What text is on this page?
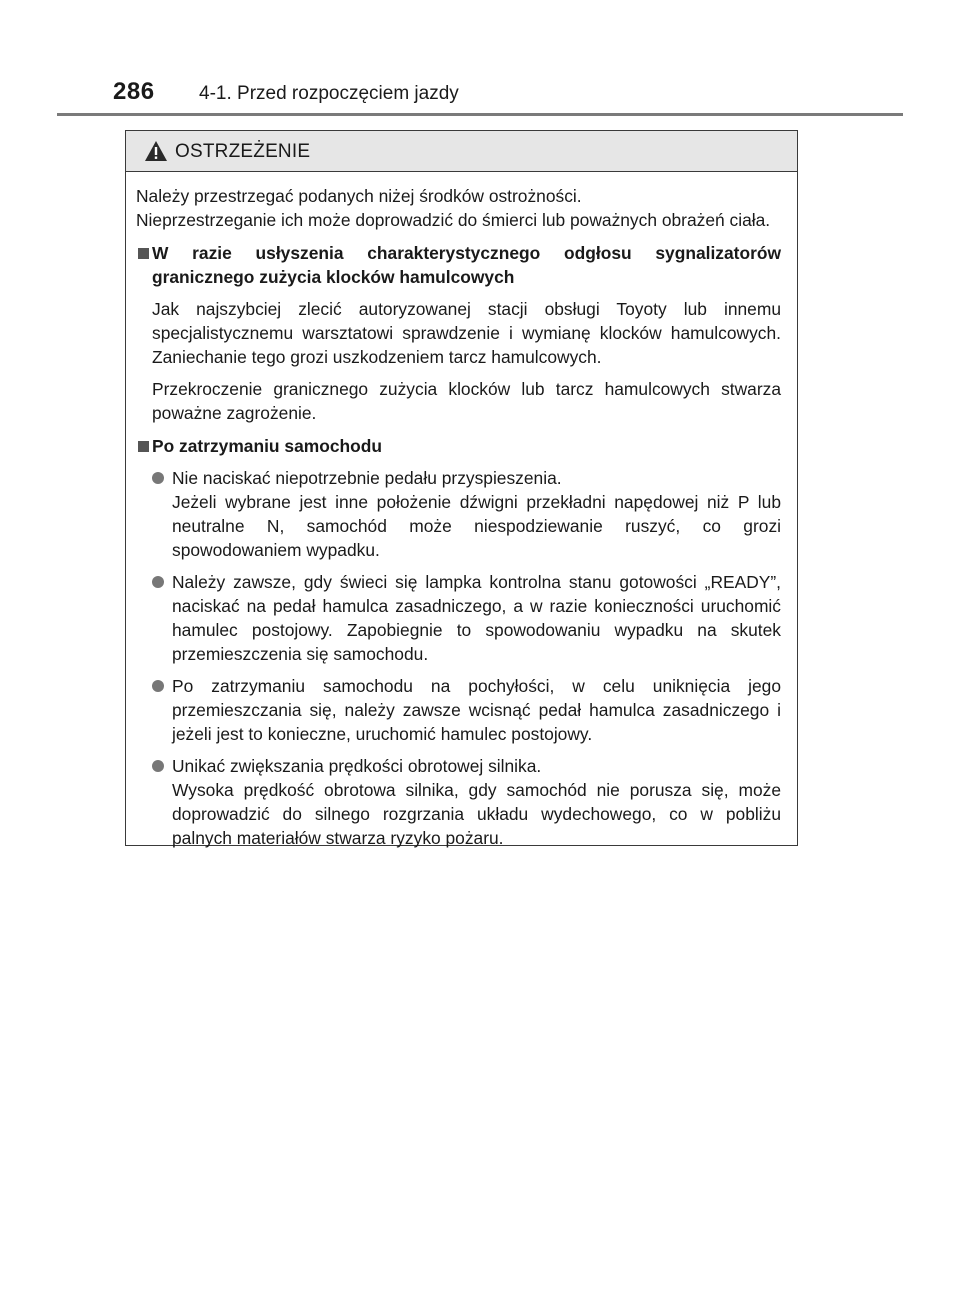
286 4-1. Przed rozpoczęciem jazdy
OSTRZEŻENIE

Należy przestrzegać podanych niżej środków ostrożności.

Nieprzestrzeganie ich może doprowadzić do śmierci lub poważnych obrażeń ciała.

W razie usłyszenia charakterystycznego odgłosu sygnalizatorów granicznego zużycia klocków hamulcowych

Jak najszybciej zlecić autoryzowanej stacji obsługi Toyoty lub innemu specjalistycznemu warsztatowi sprawdzenie i wymianę klocków hamulcowych. Zaniechanie tego grozi uszkodzeniem tarcz hamulcowych.

Przekroczenie granicznego zużycia klocków lub tarcz hamulcowych stwarza poważne zagrożenie.

Po zatrzymaniu samochodu

Nie naciskać niepotrzebnie pedału przyspieszenia.

Jeżeli wybrane jest inne położenie dźwigni przekładni napędowej niż P lub neutralne N, samochód może niespodziewanie ruszyć, co grozi spowodowaniem wypadku.

Należy zawsze, gdy świeci się lampka kontrolna stanu gotowości „READY”, naciskać na pedał hamulca zasadniczego, a w razie konieczności uruchomić hamulec postojowy. Zapobiegnie to spowodowaniu wypadku na skutek przemieszczenia się samochodu.

Po zatrzymaniu samochodu na pochyłości, w celu uniknięcia jego przemieszczania się, należy zawsze wcisnąć pedał hamulca zasadniczego i jeżeli jest to konieczne, uruchomić hamulec postojowy.

Unikać zwiększania prędkości obrotowej silnika.

Wysoka prędkość obrotowa silnika, gdy samochód nie porusza się, może doprowadzić do silnego rozgrzania układu wydechowego, co w pobliżu palnych materiałów stwarza ryzyko pożaru.
